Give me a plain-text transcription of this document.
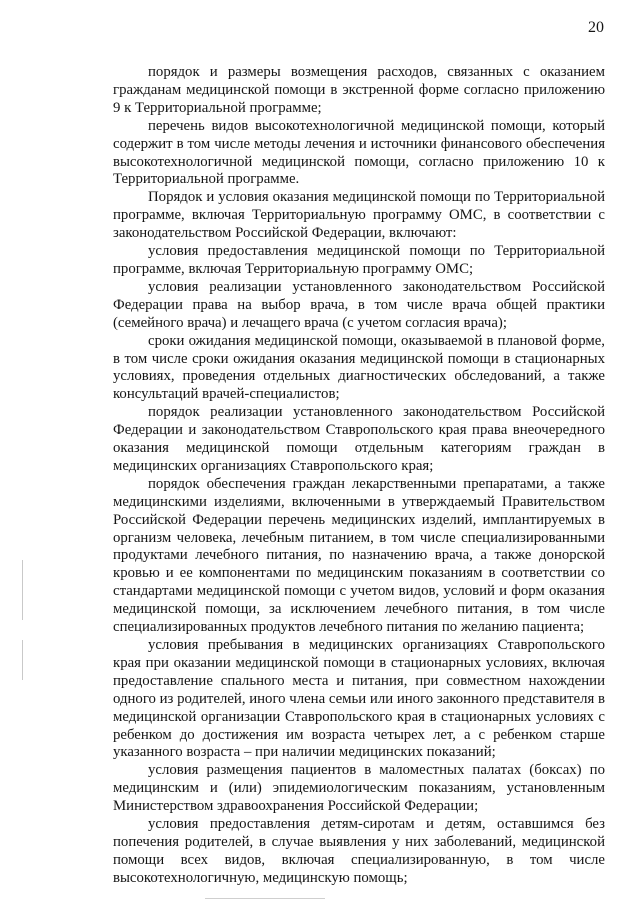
20

порядок и размеры возмещения расходов, связанных с оказанием гражданам медицинской помощи в экстренной форме согласно приложению 9 к Территориальной программе;

перечень видов высокотехнологичной медицинской помощи, который содержит в том числе методы лечения и источники финансового обеспечения высокотехнологичной медицинской помощи, согласно приложению 10 к Территориальной программе.

Порядок и условия оказания медицинской помощи по Территориальной программе, включая Территориальную программу ОМС, в соответствии с законодательством Российской Федерации, включают:

условия предоставления медицинской помощи по Территориальной программе, включая Территориальную программу ОМС;

условия реализации установленного законодательством Российской Федерации права на выбор врача, в том числе врача общей практики (семейного врача) и лечащего врача (с учетом согласия врача);

сроки ожидания медицинской помощи, оказываемой в плановой форме, в том числе сроки ожидания оказания медицинской помощи в стационарных условиях, проведения отдельных диагностических обследований, а также консультаций врачей-специалистов;

порядок реализации установленного законодательством Российской Федерации и законодательством Ставропольского края права внеочередного оказания медицинской помощи отдельным категориям граждан в медицинских организациях Ставропольского края;

порядок обеспечения граждан лекарственными препаратами, а также медицинскими изделиями, включенными в утверждаемый Правительством Российской Федерации перечень медицинских изделий, имплантируемых в организм человека, лечебным питанием, в том числе специализированными продуктами лечебного питания, по назначению врача, а также донорской кровью и ее компонентами по медицинским показаниям в соответствии со стандартами медицинской помощи с учетом видов, условий и форм оказания медицинской помощи, за исключением лечебного питания, в том числе специализированных продуктов лечебного питания по желанию пациента;

условия пребывания в медицинских организациях Ставропольского края при оказании медицинской помощи в стационарных условиях, включая предоставление спального места и питания, при совместном нахождении одного из родителей, иного члена семьи или иного законного представителя в медицинской организации Ставропольского края в стационарных условиях с ребенком до достижения им возраста четырех лет, а с ребенком старше указанного возраста – при наличии медицинских показаний;

условия размещения пациентов в маломестных палатах (боксах) по медицинским и (или) эпидемиологическим показаниям, установленным Министерством здравоохранения Российской Федерации;

условия предоставления детям-сиротам и детям, оставшимся без попечения родителей, в случае выявления у них заболеваний, медицинской помощи всех видов, включая специализированную, в том числе высокотехнологичную, медицинскую помощь;
